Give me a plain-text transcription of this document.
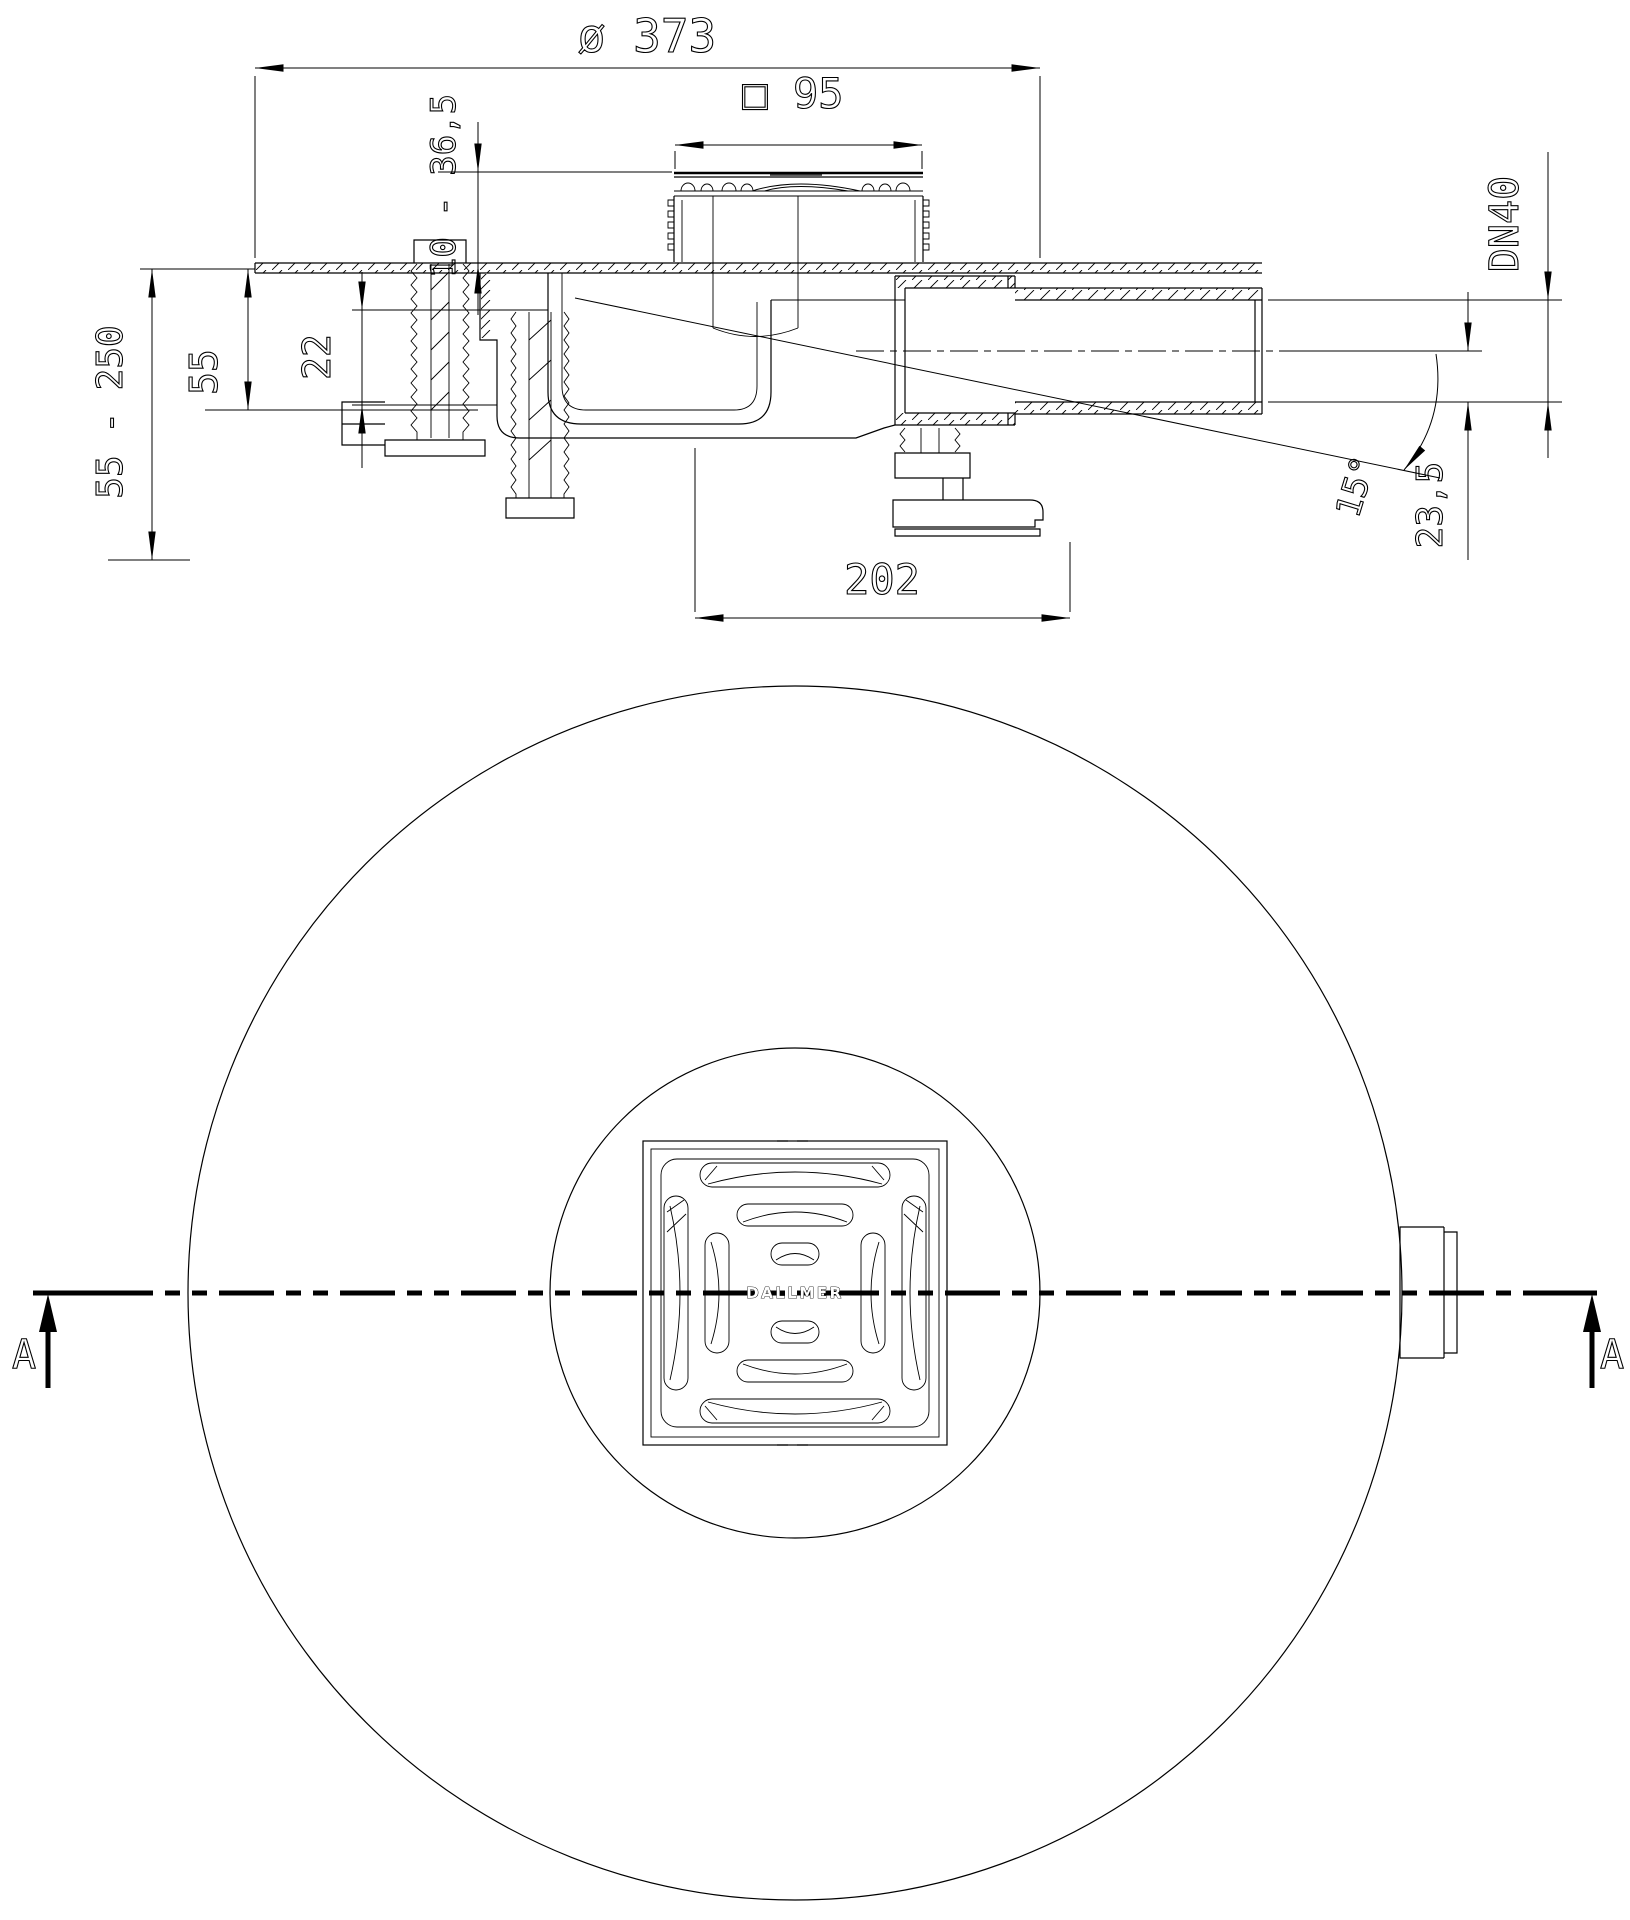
15°
ø 373
□ 95
10 - 36,5
55 - 250 55 22
202
DN40
23,5
A	A
DALLMER
